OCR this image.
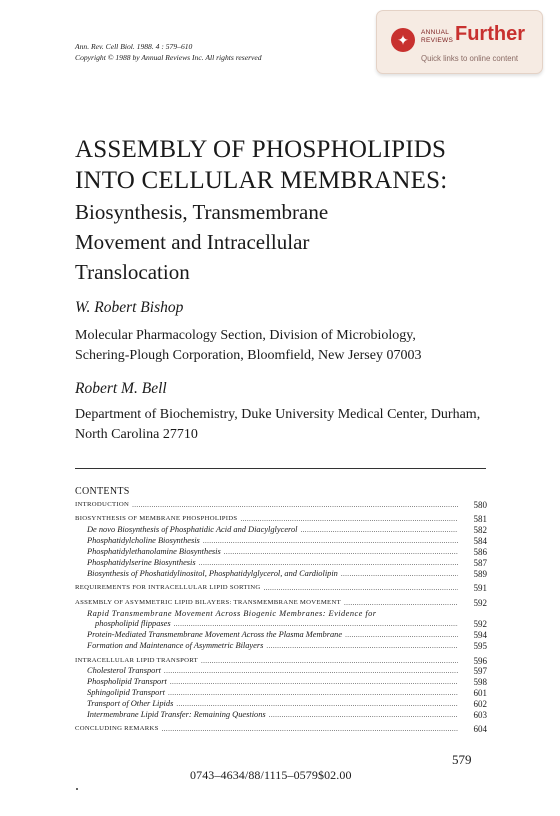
Ann. Rev. Cell Biol. 1988. 4 : 579–610
Copyright © 1988 by Annual Reviews Inc. All rights reserved
✦	ANNUAL
REVIEWS Further
Quick links to online content
ASSEMBLY OF PHOSPHOLIPIDS
INTO CELLULAR MEMBRANES:
Biosynthesis, Transmembrane
Movement and Intracellular
Translocation
W. Robert Bishop
Molecular Pharmacology Section, Division of Microbiology,
Schering-Plough Corporation, Bloomfield, New Jersey 07003
Robert M. Bell
Department of Biochemistry, Duke University Medical Center, Durham,
North Carolina 27710
CONTENTS
INTRODUCTION .....	580
BIOSYNTHESIS OF MEMBRANE PHOSPHOLIPIDS .....	581
De novo Biosynthesis of Phosphatidic Acid and Diacylglycerol .....	582
Phosphatidylcholine Biosynthesis .....	584
Phosphatidylethanolamine Biosynthesis .....	586
Phosphatidylserine Biosynthesis .....	587
Biosynthesis of Phoshatidylinositol, Phosphatidylglycerol, and Cardiolipin .....	589
REQUIREMENTS FOR INTRACELLULAR LIPID SORTING .....	591
ASSEMBLY OF ASYMMETRIC LIPID BILAYERS: TRANSMEMBRANE MOVEMENT .....	592
Rapid Transmembrane Movement Across Biogenic Membranes: Evidence for
phospholipid flippases .....	592
Protein-Mediated Transmembrane Movement Across the Plasma Membrane .....	594
Formation and Maintenance of Asymmetric Bilayers .....	595
INTRACELLULAR LIPID TRANSPORT .....	596
Cholesterol Transport .....	597
Phospholipid Transport .....	598
Sphingolipid Transport .....	601
Transport of Other Lipids .....	602
Intermembrane Lipid Transfer: Remaining Questions .....	603
CONCLUDING REMARKS .....	604
579
0743–4634/88/1115–0579$02.00
